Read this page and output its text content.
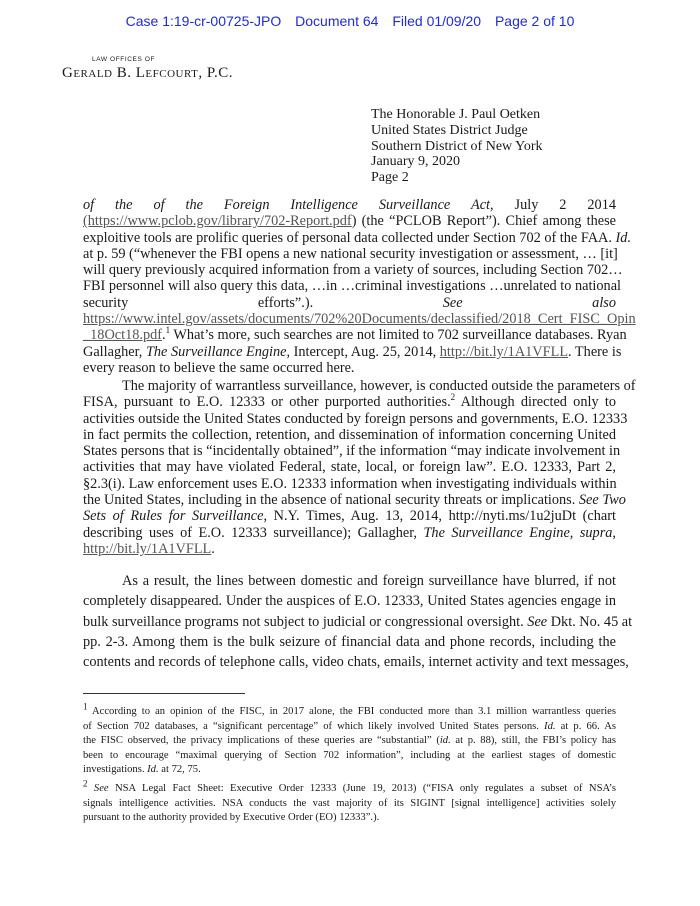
Case 1:19-cr-00725-JPO Document 64 Filed 01/09/20 Page 2 of 10
LAW OFFICES OF
Gerald B. Lefcourt, P.C.
The Honorable J. Paul Oetken
United States District Judge
Southern District of New York
January 9, 2020
Page 2
of the of the Foreign Intelligence Surveillance Act, July 2 2014
(https://www.pclob.gov/library/702-Report.pdf) (the “PCLOB Report”). Chief among these
exploitive tools are prolific queries of personal data collected under Section 702 of the FAA. Id.
at p. 59 (“whenever the FBI opens a new national security investigation or assessment, … [it]
will query previously acquired information from a variety of sources, including Section 702…
FBI personnel will also query this data, …in …criminal investigations …unrelated to national
security efforts”.). See also
https://www.intel.gov/assets/documents/702%20Documents/declassified/2018_Cert_FISC_Opin
_18Oct18.pdf.$^1$ What’s more, such searches are not limited to 702 surveillance databases. Ryan
Gallagher, The Surveillance Engine, Intercept, Aug. 25, 2014, http://bit.ly/1A1VFLL. There is
every reason to believe the same occurred here.
The majority of warrantless surveillance, however, is conducted outside the parameters of
FISA, pursuant to E.O. 12333 or other purported authorities.$^2$ Although directed only to
activities outside the United States conducted by foreign persons and governments, E.O. 12333
in fact permits the collection, retention, and dissemination of information concerning United
States persons that is “incidentally obtained”, if the information “may indicate involvement in
activities that may have violated Federal, state, local, or foreign law”. E.O. 12333, Part 2,
§2.3(i). Law enforcement uses E.O. 12333 information when investigating individuals within
the United States, including in the absence of national security threats or implications. See Two
Sets of Rules for Surveillance, N.Y. Times, Aug. 13, 2014, http://nyti.ms/1u2juDt (chart
describing uses of E.O. 12333 surveillance); Gallagher, The Surveillance Engine, supra,
http://bit.ly/1A1VFLL.
As a result, the lines between domestic and foreign surveillance have blurred, if not
completely disappeared. Under the auspices of E.O. 12333, United States agencies engage in
bulk surveillance programs not subject to judicial or congressional oversight. See Dkt. No. 45 at
pp. 2-3. Among them is the bulk seizure of financial data and phone records, including the
contents and records of telephone calls, video chats, emails, internet activity and text messages,
$^1$ According to an opinion of the FISC, in 2017 alone, the FBI conducted more than 3.1 million warrantless queries
of Section 702 databases, a “significant percentage” of which likely involved United States persons. Id. at p. 66. As
the FISC observed, the privacy implications of these queries are “substantial” (id. at p. 88), still, the FBI’s policy has
been to encourage “maximal querying of Section 702 information”, including at the earliest stages of domestic
investigations. Id. at 72, 75.
$^2$ See NSA Legal Fact Sheet: Executive Order 12333 (June 19, 2013) (“FISA only regulates a subset of NSA’s
signals intelligence activities. NSA conducts the vast majority of its SIGINT [signal intelligence] activities solely
pursuant to the authority provided by Executive Order (EO) 12333”.).
